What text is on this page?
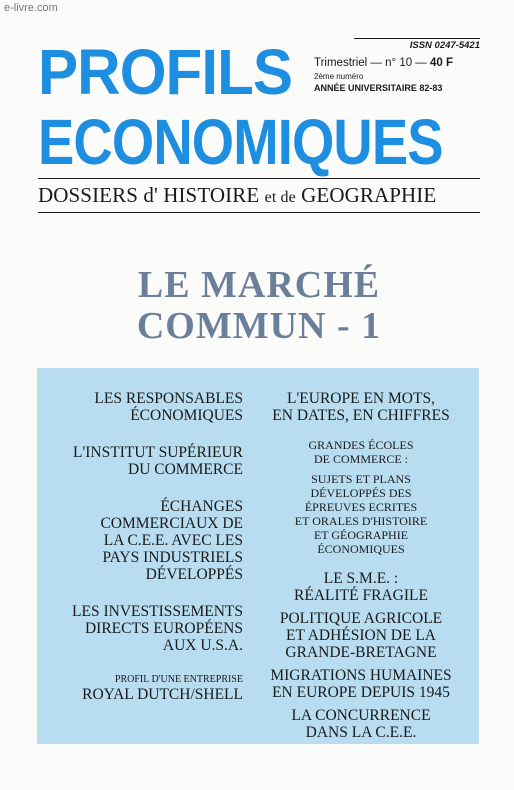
e-livre.com
PROFILS
ECONOMIQUES
ISSN 0247-5421
Trimestriel — n° 10 — 40 F
2ème numéro
ANNÉE UNIVERSITAIRE 82-83
DOSSIERS d' HISTOIRE et de GEOGRAPHIE
LE MARCHÉ
COMMUN - 1
LES RESPONSABLES
ÉCONOMIQUES
L'INSTITUT SUPÉRIEUR
DU COMMERCE
ÉCHANGES
COMMERCIAUX DE
LA C.E.E. AVEC LES
PAYS INDUSTRIELS
DÉVELOPPÉS
LES INVESTISSEMENTS
DIRECTS EUROPÉENS
AUX U.S.A.
PROFIL D'UNE ENTREPRISE
ROYAL DUTCH/SHELL
L'EUROPE EN MOTS,
EN DATES, EN CHIFFRES
GRANDES ÉCOLES
DE COMMERCE :
SUJETS ET PLANS
DÉVELOPPÉS DES
ÉPREUVES ECRITES
ET ORALES D'HISTOIRE
ET GÉOGRAPHIE
ÉCONOMIQUES
LE S.M.E. :
RÉALITÉ FRAGILE
POLITIQUE AGRICOLE
ET ADHÉSION DE LA
GRANDE-BRETAGNE
MIGRATIONS HUMAINES
EN EUROPE DEPUIS 1945
LA CONCURRENCE
DANS LA C.E.E.
